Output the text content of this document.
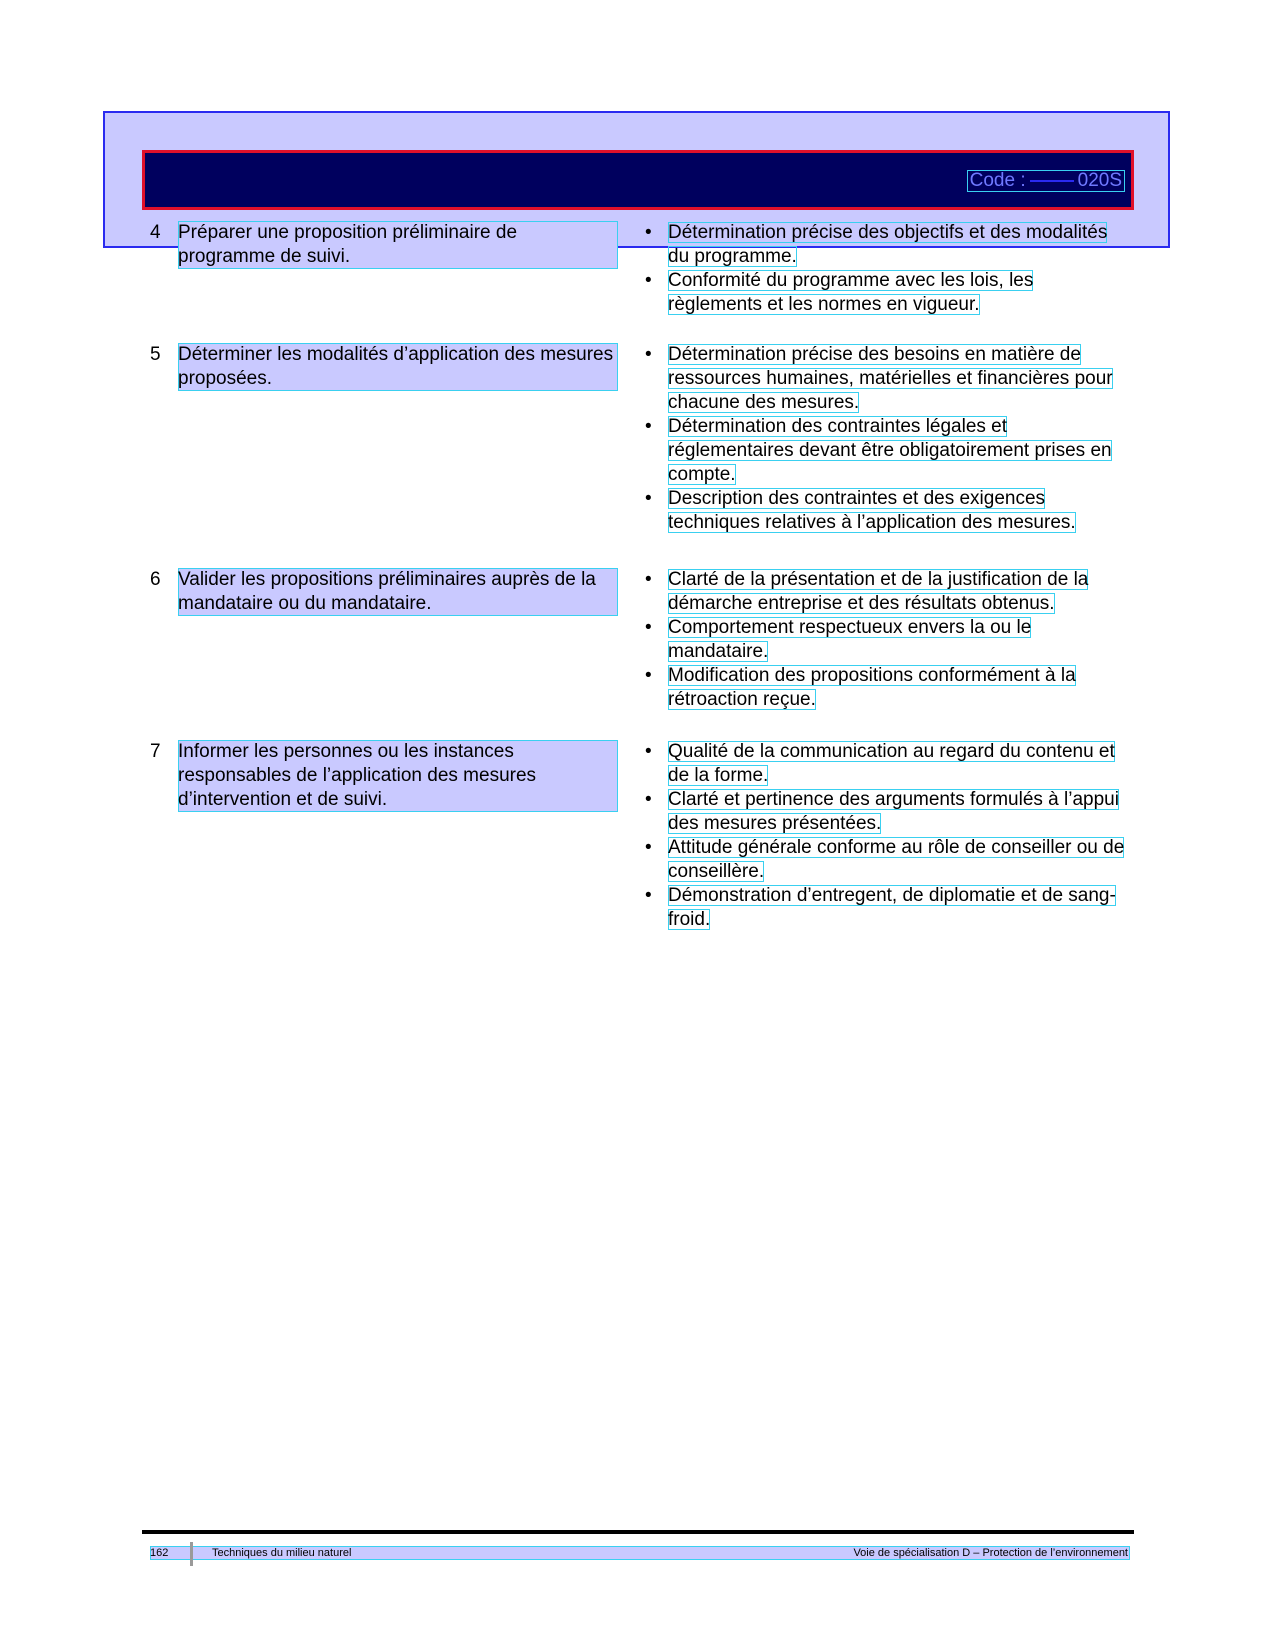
Code :	020S
4 Préparer une proposition préliminaire de programme de suivi.
• Détermination précise des objectifs et des modalités du programme.
• Conformité du programme avec les lois, les règlements et les normes en vigueur.
5 Déterminer les modalités d’application des mesures proposées.
• Détermination précise des besoins en matière de ressources humaines, matérielles et financières pour chacune des mesures.
• Détermination des contraintes légales et réglementaires devant être obligatoirement prises en compte.
• Description des contraintes et des exigences techniques relatives à l’application des mesures.
6 Valider les propositions préliminaires auprès de la mandataire ou du mandataire.
• Clarté de la présentation et de la justification de la démarche entreprise et des résultats obtenus.
• Comportement respectueux envers la ou le mandataire.
• Modification des propositions conformément à la rétroaction reçue.
7 Informer les personnes ou les instances responsables de l’application des mesures d’intervention et de suivi.
• Qualité de la communication au regard du contenu et de la forme.
• Clarté et pertinence des arguments formulés à l’appui des mesures présentées.
• Attitude générale conforme au rôle de conseiller ou de conseillère.
• Démonstration d’entregent, de diplomatie et de sang-froid.
162	Techniques du milieu naturel	Voie de spécialisation D – Protection de l’environnement
